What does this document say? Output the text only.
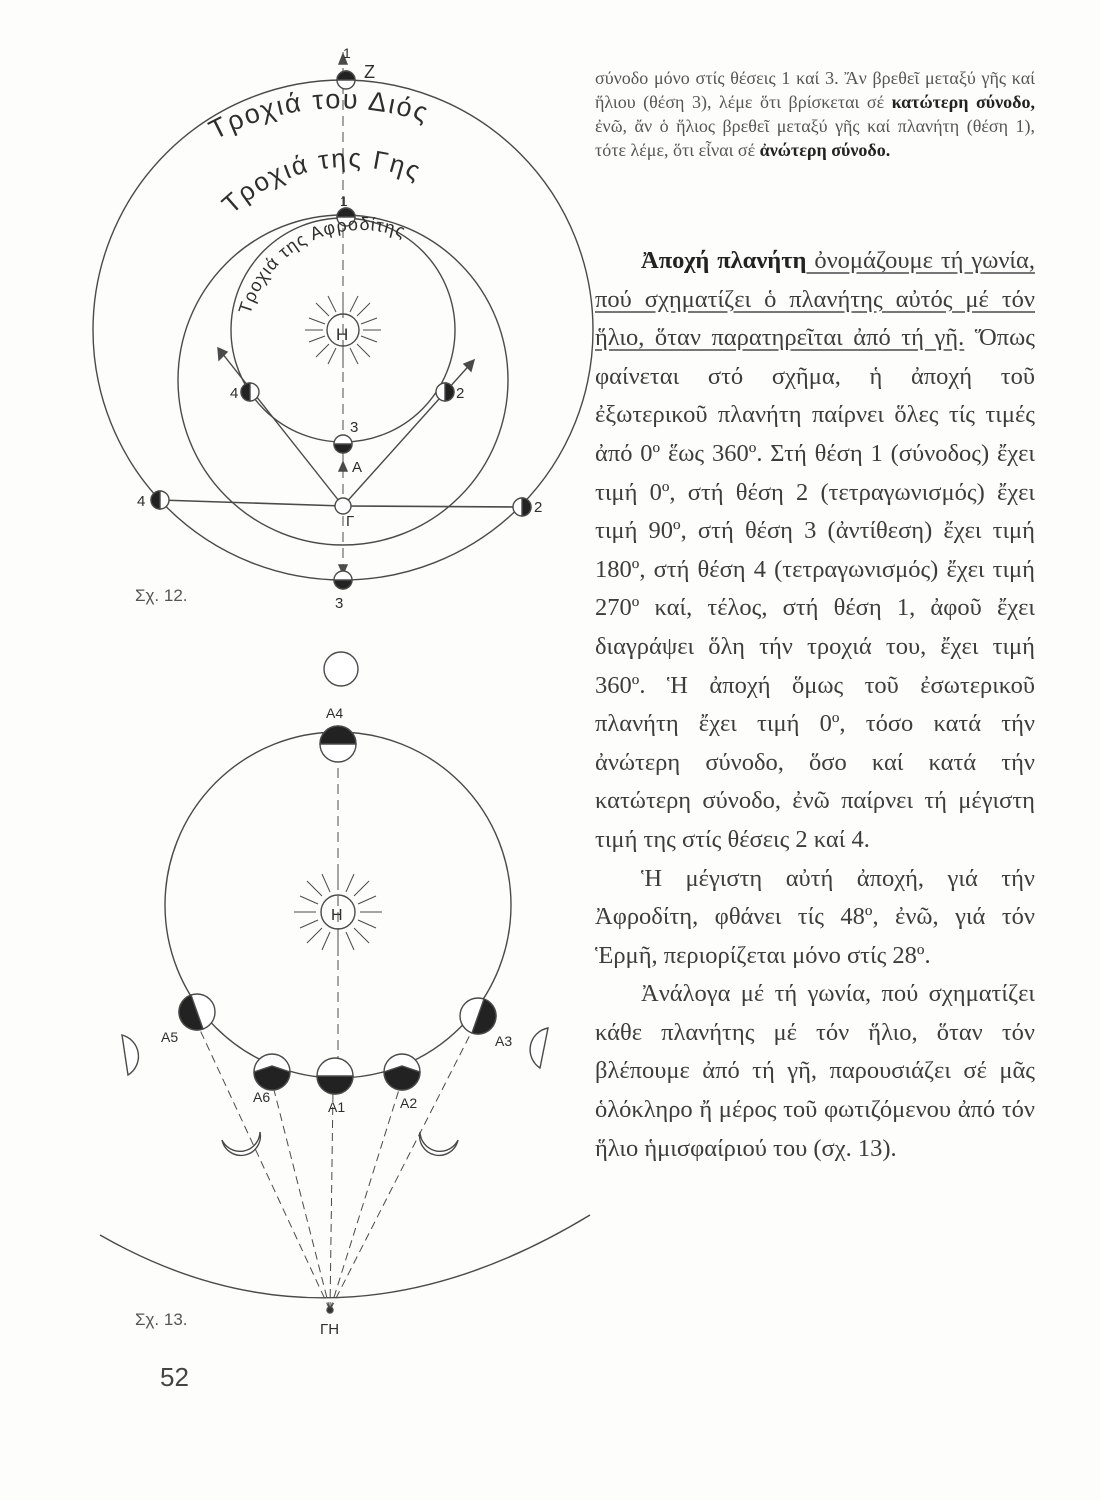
Τροχιά του Διός
Τροχιά της Γης
Τροχιά της Αφροδίτης
Η
Z
1
1
4	2
3
Α
Γ
4	2
3
Η
Α4
Α5	Α3
Α6
Α1	Α2
ΓΗ
Σχ. 12.
Σχ. 13.
52

σύνοδο μόνο στίς θέσεις 1 καί 3. Ἄν βρεθεῖ μεταξύ γῆς καί ἥλιου (θέση 3), λέμε ὅτι βρίσκεται σέ κατώτερη σύνοδο, ἐνῶ, ἄν ὁ ἥλιος βρεθεῖ μεταξύ γῆς καί πλανήτη (θέση 1), τότε λέμε, ὅτι εἶναι σέ ἀνώτερη σύνοδο.

Ἀποχή πλανήτη ὀνομάζουμε τή γωνία, πού σχηματίζει ὁ πλανήτης αὐτός μέ τόν ἥλιο, ὅταν παρατηρεῖται ἀπό τή γῆ. Ὅπως φαίνεται στό σχῆμα, ἡ ἀποχή τοῦ ἐξωτερικοῦ πλανήτη παίρνει ὅλες τίς τιμές ἀπό 0º ἕως 360º. Στή θέση 1 (σύνοδος) ἔχει τιμή 0º, στή θέση 2 (τετραγωνισμός) ἔχει τιμή 90º, στή θέση 3 (ἀντίθεση) ἔχει τιμή 180º, στή θέση 4 (τετραγωνισμός) ἔχει τιμή 270º καί, τέλος, στή θέση 1, ἀφοῦ ἔχει διαγράψει ὅλη τήν τροχιά του, ἔχει τιμή 360º. Ἡ ἀποχή ὅμως τοῦ ἐσωτερικοῦ πλανήτη ἔχει τιμή 0º, τόσο κατά τήν ἀνώτερη σύνοδο, ὅσο καί κατά τήν κατώτερη σύνοδο, ἐνῶ παίρνει τή μέγιστη τιμή της στίς θέσεις 2 καί 4.

Ἡ μέγιστη αὐτή ἀποχή, γιά τήν Ἀφροδίτη, φθάνει τίς 48º, ἐνῶ, γιά τόν Ἑρμῆ, περιορίζεται μόνο στίς 28º.

Ἀνάλογα μέ τή γωνία, πού σχηματίζει κάθε πλανήτης μέ τόν ἥλιο, ὅταν τόν βλέπουμε ἀπό τή γῆ, παρουσιάζει σέ μᾶς ὁλόκληρο ἤ μέρος τοῦ φωτιζόμενου ἀπό τόν ἥλιο ἡμισφαίριού του (σχ. 13).
